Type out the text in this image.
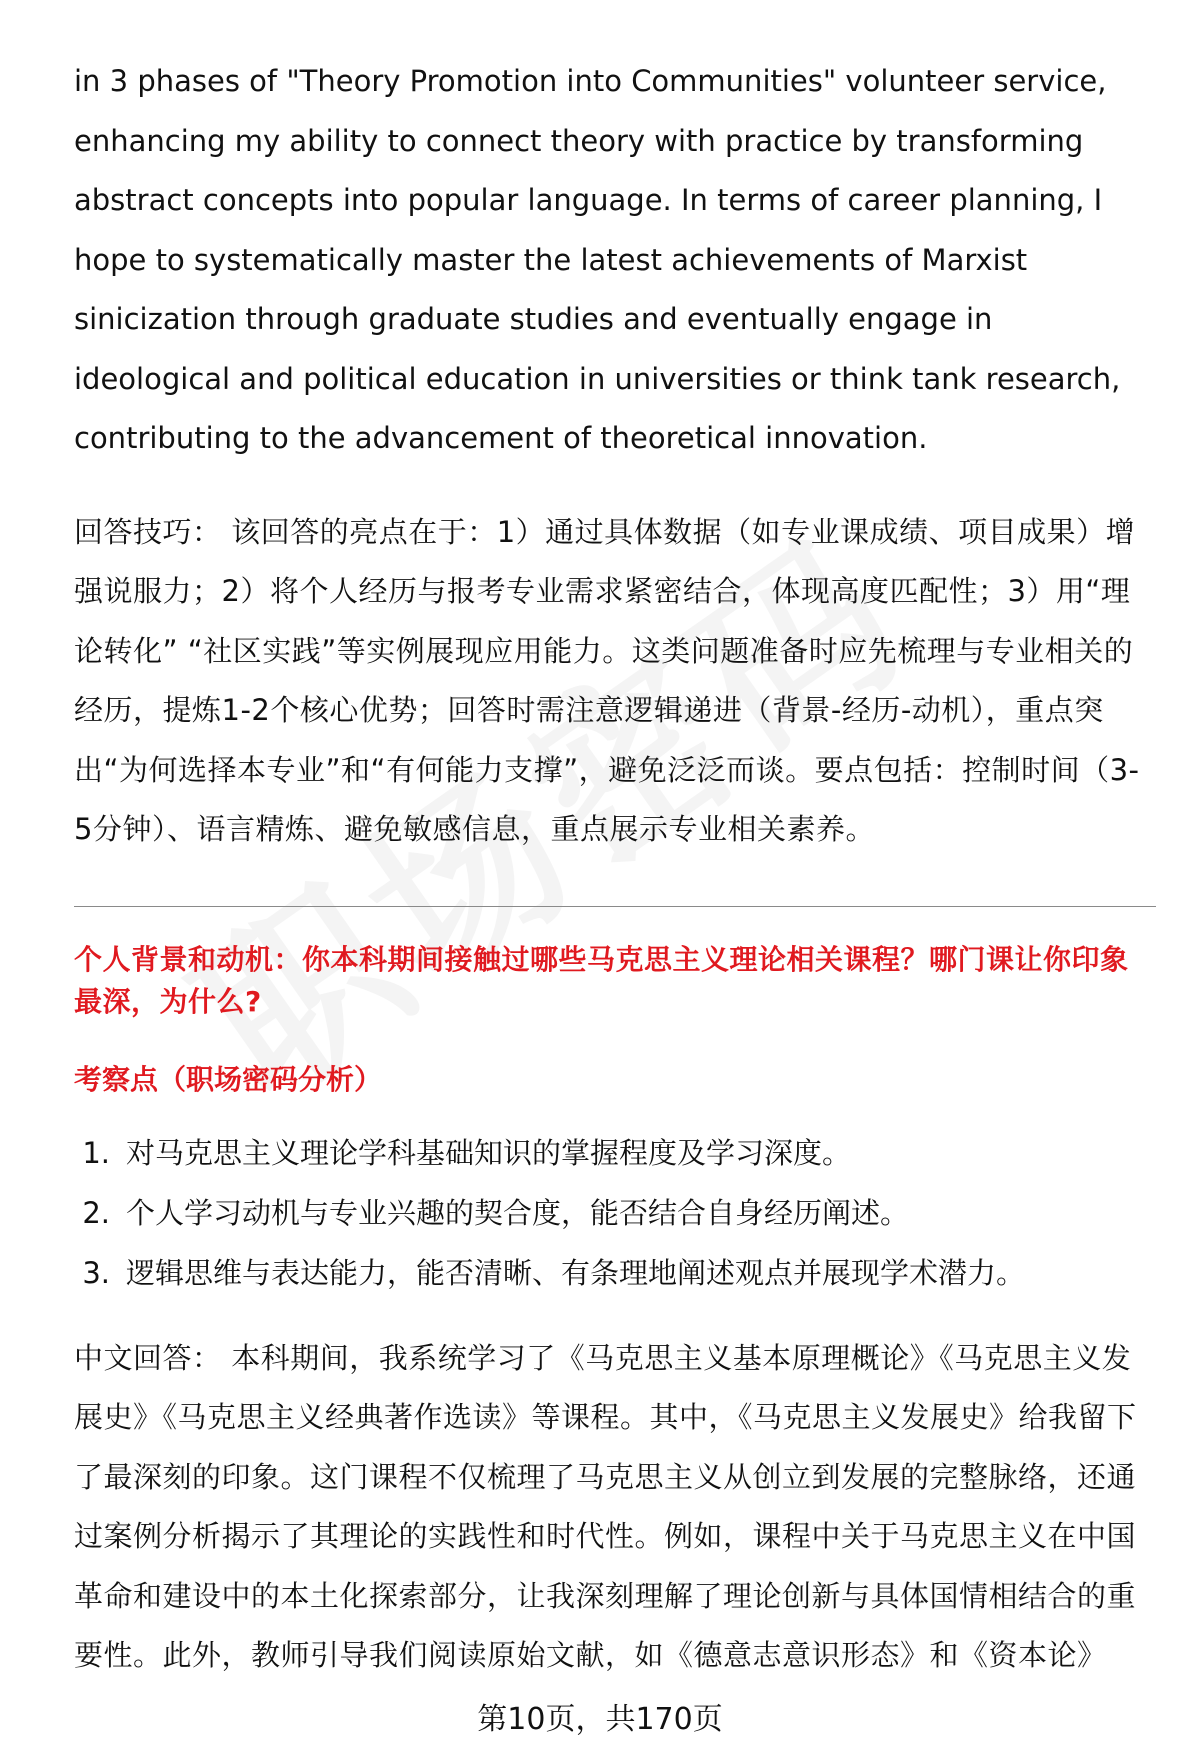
in 3 phases of "Theory Promotion into Communities" volunteer service, enhancing my ability to connect theory with practice by transforming abstract concepts into popular language. In terms of career planning, I hope to systematically master the latest achievements of Marxist sinicization through graduate studies and eventually engage in ideological and political education in universities or think tank research, contributing to the advancement of theoretical innovation.

回答技巧： 该回答的亮点在于：1）通过具体数据（如专业课成绩、项目成果）增强说服力；2）将个人经历与报考专业需求紧密结合，体现高度匹配性；3）用“理论转化” “社区实践”等实例展现应用能力。这类问题准备时应先梳理与专业相关的经历，提炼1-2个核心优势；回答时需注意逻辑递进（背景-经历-动机），重点突出“为何选择本专业”和“有何能力支撑”，避免泛泛而谈。要点包括：控制时间（3-5分钟）、语言精炼、避免敏感信息，重点展示专业相关素养。

个人背景和动机：你本科期间接触过哪些马克思主义理论相关课程？哪门课让你印象最深，为什么?
考察点（职场密码分析）
1. 对马克思主义理论学科基础知识的掌握程度及学习深度。
2. 个人学习动机与专业兴趣的契合度，能否结合自身经历阐述。
3. 逻辑思维与表达能力，能否清晰、有条理地阐述观点并展现学术潜力。

中文回答： 本科期间，我系统学习了《马克思主义基本原理概论》《马克思主义发展史》《马克思主义经典著作选读》等课程。其中，《马克思主义发展史》给我留下了最深刻的印象。这门课程不仅梳理了马克思主义从创立到发展的完整脉络，还通过案例分析揭示了其理论的实践性和时代性。例如，课程中关于马克思主义在中国革命和建设中的本土化探索部分，让我深刻理解了理论创新与具体国情相结合的重要性。此外，教师引导我们阅读原始文献，如《德意志意识形态》和《资本论》

第10页，共170页
